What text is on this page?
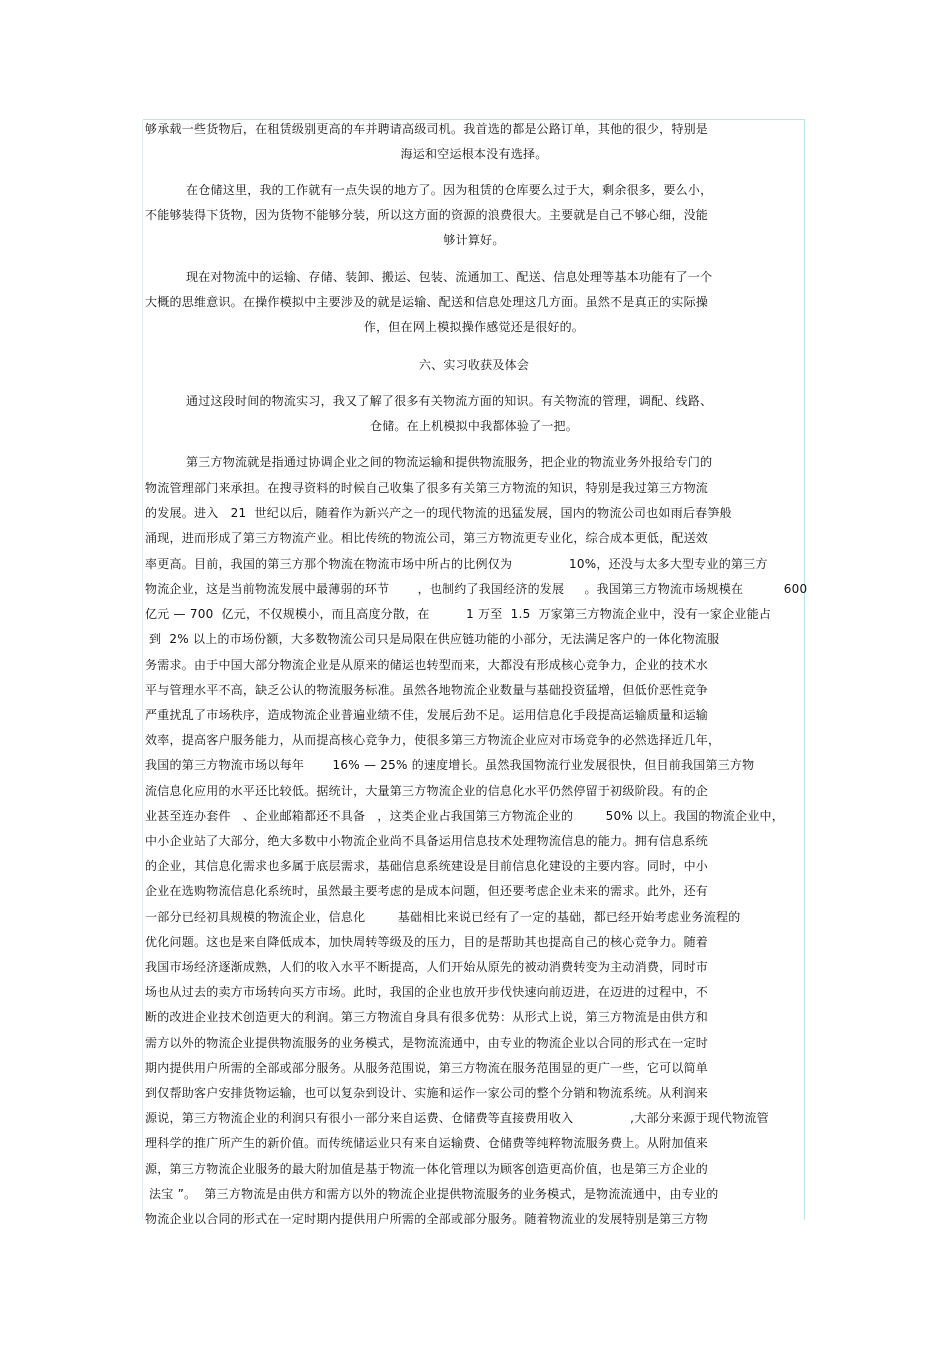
够承载一些货物后，在租赁级别更高的车并聘请高级司机。我首选的都是公路订单，其他的很少，特别是
海运和空运根本没有选择。
在仓储这里，我的工作就有一点失误的地方了。因为租赁的仓库要么过于大，剩余很多，要么小，
不能够装得下货物，因为货物不能够分装，所以这方面的资源的浪费很大。主要就是自己不够心细，没能
够计算好。
现在对物流中的运输、存储、装卸、搬运、包装、流通加工、配送、信息处理等基本功能有了一个
大概的思维意识。在操作模拟中主要涉及的就是运输、配送和信息处理这几方面。虽然不是真正的实际操
作，但在网上模拟操作感觉还是很好的。
六、实习收获及体会
通过这段时间的物流实习，我又了解了很多有关物流方面的知识。有关物流的管理，调配、线路、
仓储。在上机模拟中我都体验了一把。
第三方物流就是指通过协调企业之间的物流运输和提供物流服务，把企业的物流业务外报给专门的
物流管理部门来承担。在搜寻资料的时候自己收集了很多有关第三方物流的知识，特别是我过第三方物流
的发展。进入   21  世纪以后，随着作为新兴产之一的现代物流的迅猛发展，国内的物流公司也如雨后春笋般
涌现，进而形成了第三方物流产业。相比传统的物流公司，第三方物流更专业化，综合成本更低，配送效
率更高。目前，我国的第三方那个物流在物流市场中所占的比例仅为              10%，还没与太多大型专业的第三方
物流企业，这是当前物流发展中最薄弱的环节       ，也制约了我国经济的发展     。我国第三方物流市场规模在          600
亿元 — 700  亿元，不仅规模小，而且高度分散，在         1 万至  1.5  万家第三方物流企业中，没有一家企业能占
到  2% 以上的市场份额，大多数物流公司只是局限在供应链功能的小部分，无法满足客户的一体化物流服
务需求。由于中国大部分物流企业是从原来的储运也转型而来，大都没有形成核心竞争力，企业的技术水
平与管理水平不高，缺乏公认的物流服务标准。虽然各地物流企业数量与基础投资猛增，但低价恶性竞争
严重扰乱了市场秩序，造成物流企业普遍业绩不佳，发展后劲不足。运用信息化手段提高运输质量和运输
效率，提高客户服务能力，从而提高核心竞争力，使很多第三方物流企业应对市场竞争的必然选择近几年，
我国的第三方物流市场以每年       16% — 25% 的速度增长。虽然我国物流行业发展很快，但目前我国第三方物
流信息化应用的水平还比较低。据统计，大量第三方物流企业的信息化水平仍然停留于初级阶段。有的企
业甚至连办套件   、企业邮箱都还不具备   ，这类企业占我国第三方物流企业的        50% 以上。我国的物流企业中，
中小企业站了大部分，绝大多数中小物流企业尚不具备运用信息技术处理物流信息的能力。拥有信息系统
的企业，其信息化需求也多属于底层需求，基础信息系统建设是目前信息化建设的主要内容。同时，中小
企业在选购物流信息化系统时，虽然最主要考虑的是成本问题，但还要考虑企业未来的需求。此外，还有
一部分已经初具规模的物流企业，信息化        基础相比来说已经有了一定的基础，都已经开始考虑业务流程的
优化问题。这也是来自降低成本，加快周转等级及的压力，目的是帮助其也提高自己的核心竞争力。随着
我国市场经济逐渐成熟，人们的收入水平不断提高，人们开始从原先的被动消费转变为主动消费，同时市
场也从过去的卖方市场转向买方市场。此时，我国的企业也放开步伐快速向前迈进，在迈进的过程中，不
断的改进企业技术创造更大的利润。第三方物流自身具有很多优势：从形式上说，第三方物流是由供方和
需方以外的物流企业提供物流服务的业务模式，是物流流通中，由专业的物流企业以合同的形式在一定时
期内提供用户所需的全部或部分服务。从服务范围说，第三方物流在服务范围显的更广一些，它可以简单
到仅帮助客户安排货物运输，也可以复杂到设计、实施和运作一家公司的整个分销和物流系统。从利润来
源说，第三方物流企业的利润只有很小一部分来自运费、仓储费等直接费用收入              ,大部分来源于现代物流管
理科学的推广所产生的新价值。而传统储运业只有来自运输费、仓储费等纯粹物流服务费上。从附加值来
源，第三方物流企业服务的最大附加值是基于物流一体化管理以为顾客创造更高价值，也是第三方企业的
法宝 ”。  第三方物流是由供方和需方以外的物流企业提供物流服务的业务模式，是物流流通中，由专业的
物流企业以合同的形式在一定时期内提供用户所需的全部或部分服务。随着物流业的发展特别是第三方物
